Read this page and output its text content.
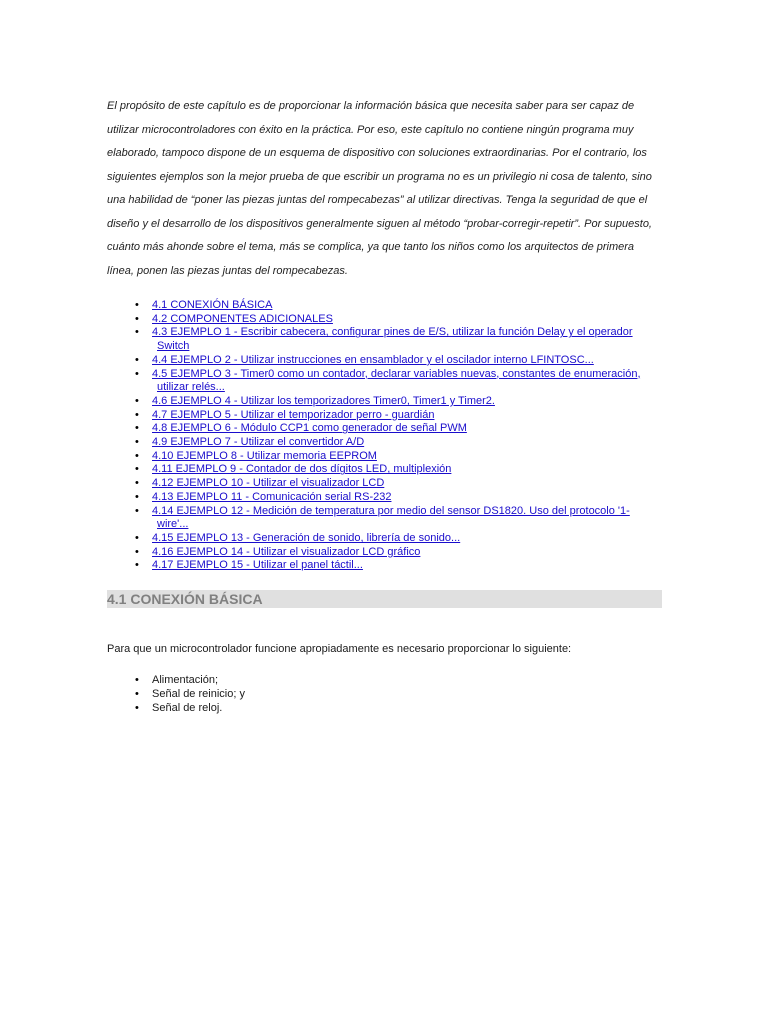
El propósito de este capítulo es de proporcionar la información básica que necesita saber para ser capaz de utilizar microcontroladores con éxito en la práctica. Por eso, este capítulo no contiene ningún programa muy elaborado, tampoco dispone de un esquema de dispositivo con soluciones extraordinarias. Por el contrario, los siguientes ejemplos son la mejor prueba de que escribir un programa no es un privilegio ni cosa de talento, sino una habilidad de “poner las piezas juntas del rompecabezas” al utilizar directivas. Tenga la seguridad de que el diseño y el desarrollo de los dispositivos generalmente siguen al método “probar-corregir-repetir”. Por supuesto, cuánto más ahonde sobre el tema, más se complica, ya que tanto los niños como los arquitectos de primera línea, ponen las piezas juntas del rompecabezas.

• 4.1 CONEXIÓN BÁSICA
• 4.2 COMPONENTES ADICIONALES
• 4.3 EJEMPLO 1 - Escribir cabecera, configurar pines de E/S, utilizar la función Delay y el operador Switch
• 4.4 EJEMPLO 2 - Utilizar instrucciones en ensamblador y el oscilador interno LFINTOSC...
• 4.5 EJEMPLO 3 - Timer0 como un contador, declarar variables nuevas, constantes de enumeración, utilizar relés...
• 4.6 EJEMPLO 4 - Utilizar los temporizadores Timer0, Timer1 y Timer2.
• 4.7 EJEMPLO 5 - Utilizar el temporizador perro - guardián
• 4.8 EJEMPLO 6 - Módulo CCP1 como generador de señal PWM
• 4.9 EJEMPLO 7 - Utilizar el convertidor A/D
• 4.10 EJEMPLO 8 - Utilizar memoria EEPROM
• 4.11 EJEMPLO 9 - Contador de dos dígitos LED, multiplexión
• 4.12 EJEMPLO 10 - Utilizar el visualizador LCD
• 4.13 EJEMPLO 11 - Comunicación serial RS-232
• 4.14 EJEMPLO 12 - Medición de temperatura por medio del sensor DS1820. Uso del protocolo '1-wire'...
• 4.15 EJEMPLO 13 - Generación de sonido, librería de sonido...
• 4.16 EJEMPLO 14 - Utilizar el visualizador LCD gráfico
• 4.17 EJEMPLO 15 - Utilizar el panel táctil...
4.1 CONEXIÓN BÁSICA

Para que un microcontrolador funcione apropiadamente es necesario proporcionar lo siguiente:

• Alimentación;
• Señal de reinicio; y
• Señal de reloj.
